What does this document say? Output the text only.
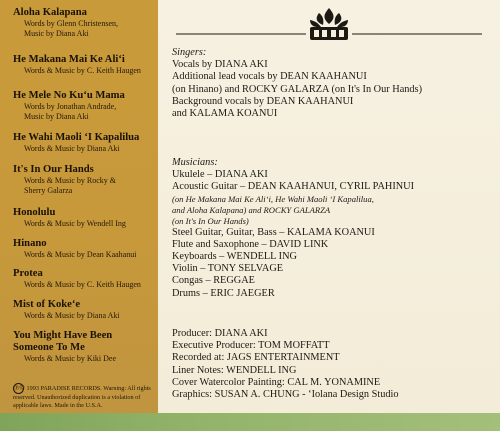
Aloha Kalapana
Words by Glenn Christensen,
Music by Diana Aki
He Makana Mai Ke Ali‘i
Words & Music by C. Keith Haugen
He Mele No Ku‘u Mama
Words by Jonathan Andrade,
Music by Diana Aki
He Wahi Maoli ‘I Kapalilua
Words & Music by Diana Aki
It's In Our Hands
Words & Music by Rocky &
Sherry Galarza
Honolulu
Words & Music by Wendell Ing
Hinano
Words & Music by Dean Kaahanui
Protea
Words & Music by C. Keith Haugen
Mist of Koke‘e
Words & Music by Diana Aki
You Might Have Been
Someone To Me
Words & Music by Kiki Dee
℗© 1993 PARADISE RECORDS. Warning: All rights reserved. Unauthorized duplication is a violation of applicable laws. Made in the U.S.A.
Singers:
Vocals by DIANA AKI
Additional lead vocals by DEAN KAAHANUI
(on Hinano) and ROCKY GALARZA (on It's In Our Hands)
Background vocals by DEAN KAAHANUI
and KALAMA KOANUI
Musicians:
Ukulele – DIANA AKI
Acoustic Guitar – DEAN KAAHANUI, CYRIL PAHINUI
(on He Makana Mai Ke Ali‘i, He Wahi Maoli ‘I Kapalilua,
and Aloha Kalapana) and ROCKY GALARZA
(on It's In Our Hands)
Steel Guitar, Guitar, Bass – KALAMA KOANUI
Flute and Saxophone – DAVID LINK
Keyboards – WENDELL ING
Violin – TONY SELVAGE
Congas – REGGAE
Drums – ERIC JAEGER
Producer: DIANA AKI
Executive Producer: TOM MOFFATT
Recorded at: JAGS ENTERTAINMENT
Liner Notes: WENDELL ING
Cover Watercolor Painting: CAL M. YONAMINE
Graphics: SUSAN A. CHUNG - ‘Iolana Design Studio
